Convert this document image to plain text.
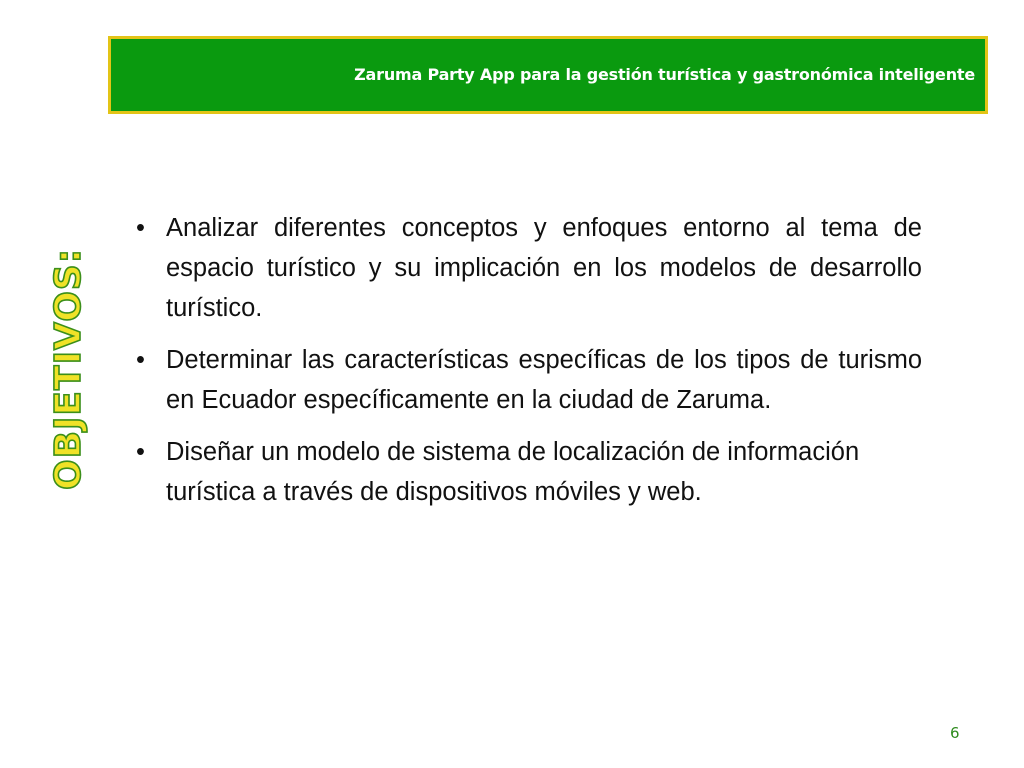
Zaruma Party App para la gestión turística y gastronómica inteligente
OBJETIVOS:
• Analizar diferentes conceptos y enfoques entorno al tema de espacio turístico y su implicación en los modelos de desarrollo turístico.
• Determinar las características específicas de los tipos de turismo en Ecuador específicamente en la ciudad de Zaruma.
• Diseñar un modelo de sistema de localización de información turística a través de dispositivos móviles y web.
6
